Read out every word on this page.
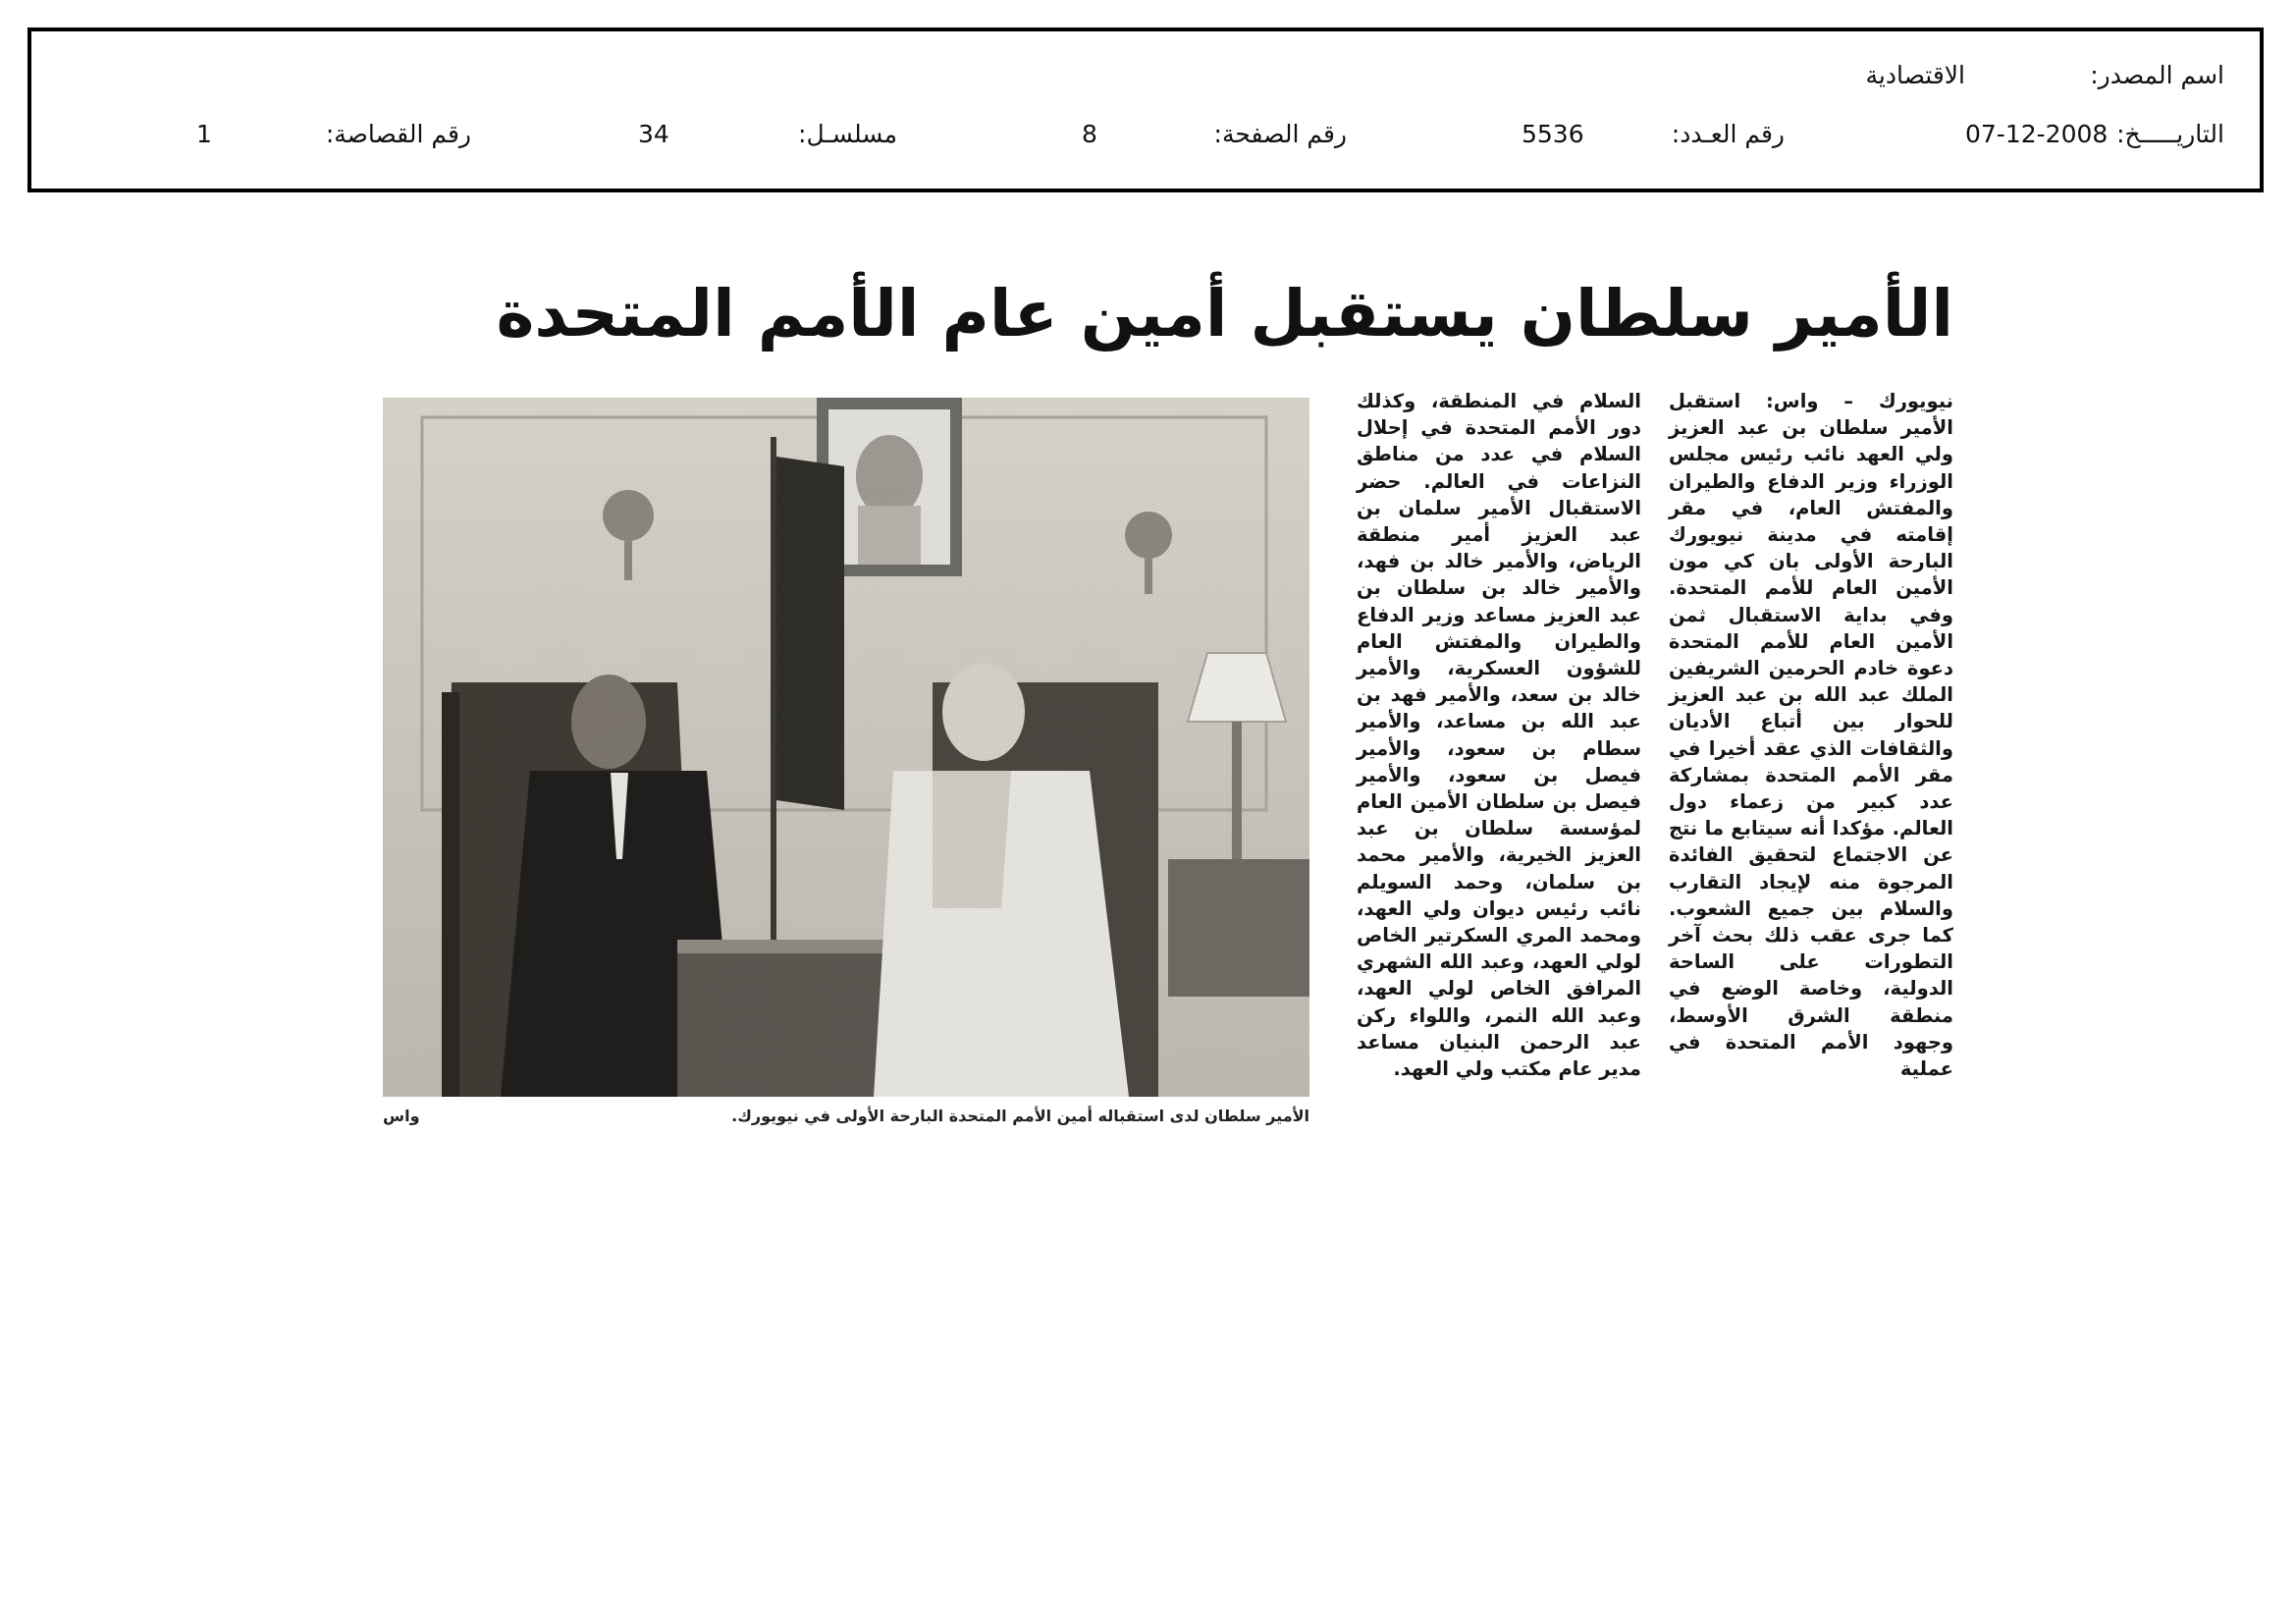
اسم المصدر:
الاقتصادية
التاريـــــخ:
07-12-2008
رقم العـدد:
5536
رقم الصفحة:
8
مسلسـل:
34
رقم القصاصة:
1
الأمير سلطان يستقبل أمين عام الأمم المتحدة
نيويورك – واس: استقبل الأمير سلطان بن عبد العزيز ولي العهد نائب رئيس مجلس الوزراء وزير الدفاع والطيران والمفتش العام، في مقر إقامته في مدينة نيويورك البارحة الأولى بان كي مون الأمين العام للأمم المتحدة. وفي بداية الاستقبال ثمن الأمين العام للأمم المتحدة دعوة خادم الحرمين الشريفين الملك عبد الله بن عبد العزيز للحوار بين أتباع الأديان والثقافات الذي عقد أخيرا في مقر الأمم المتحدة بمشاركة عدد كبير من زعماء دول العالم. مؤكدا أنه سيتابع ما نتج عن الاجتماع لتحقيق الفائدة المرجوة منه لإيجاد التقارب والسلام بين جميع الشعوب. كما جرى عقب ذلك بحث آخر التطورات على الساحة الدولية، وخاصة الوضع في منطقة الشرق الأوسط، وجهود الأمم المتحدة في عملية
السلام في المنطقة، وكذلك دور الأمم المتحدة في إحلال السلام في عدد من مناطق النزاعات في العالم. حضر الاستقبال الأمير سلمان بن عبد العزيز أمير منطقة الرياض، والأمير خالد بن فهد، والأمير خالد بن سلطان بن عبد العزيز مساعد وزير الدفاع والطيران والمفتش العام للشؤون العسكرية، والأمير خالد بن سعد، والأمير فهد بن عبد الله بن مساعد، والأمير سطام بن سعود، والأمير فيصل بن سعود، والأمير فيصل بن سلطان الأمين العام لمؤسسة سلطان بن عبد العزيز الخيرية، والأمير محمد بن سلمان، وحمد السويلم نائب رئيس ديوان ولي العهد، ومحمد المري السكرتير الخاص لولي العهد، وعبد الله الشهري المرافق الخاص لولي العهد، وعبد الله النمر، واللواء ركن عبد الرحمن البنيان مساعد مدير عام مكتب ولي العهد.
الأمير سلطان لدى استقباله أمين الأمم المتحدة البارحة الأولى في نيويورك.
واس
